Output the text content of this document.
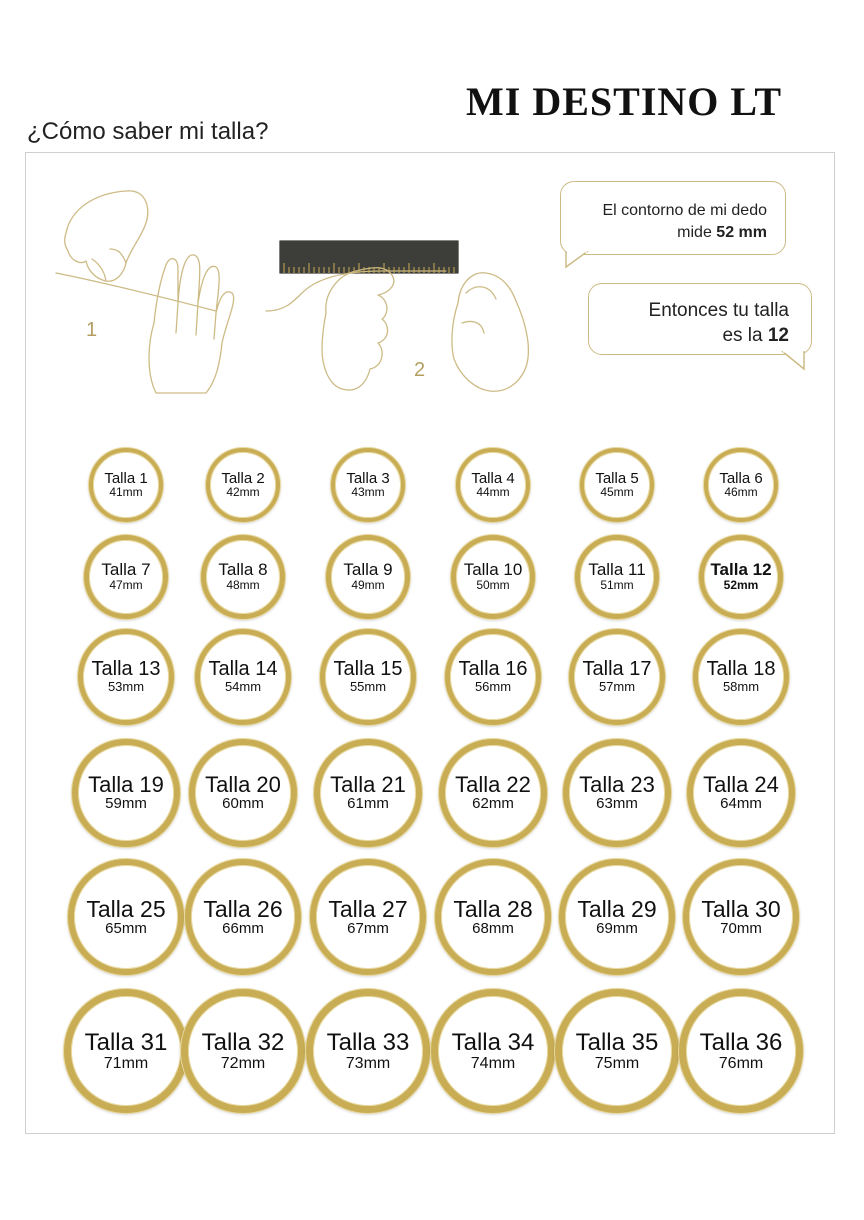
MI DESTINO LT
¿Cómo saber mi talla?
1
2
El contorno de mi dedo
mide 52 mm
Entonces tu talla
es la 12
Talla 1
41mm
Talla 2
42mm
Talla 3
43mm
Talla 4
44mm
Talla 5
45mm
Talla 6
46mm
Talla 7
47mm
Talla 8
48mm
Talla 9
49mm
Talla 10
50mm
Talla 11
51mm
Talla 12
52mm
Talla 13
53mm
Talla 14
54mm
Talla 15
55mm
Talla 16
56mm
Talla 17
57mm
Talla 18
58mm
Talla 19
59mm
Talla 20
60mm
Talla 21
61mm
Talla 22
62mm
Talla 23
63mm
Talla 24
64mm
Talla 25
65mm
Talla 26
66mm
Talla 27
67mm
Talla 28
68mm
Talla 29
69mm
Talla 30
70mm
Talla 31
71mm
Talla 32
72mm
Talla 33
73mm
Talla 34
74mm
Talla 35
75mm
Talla 36
76mm
